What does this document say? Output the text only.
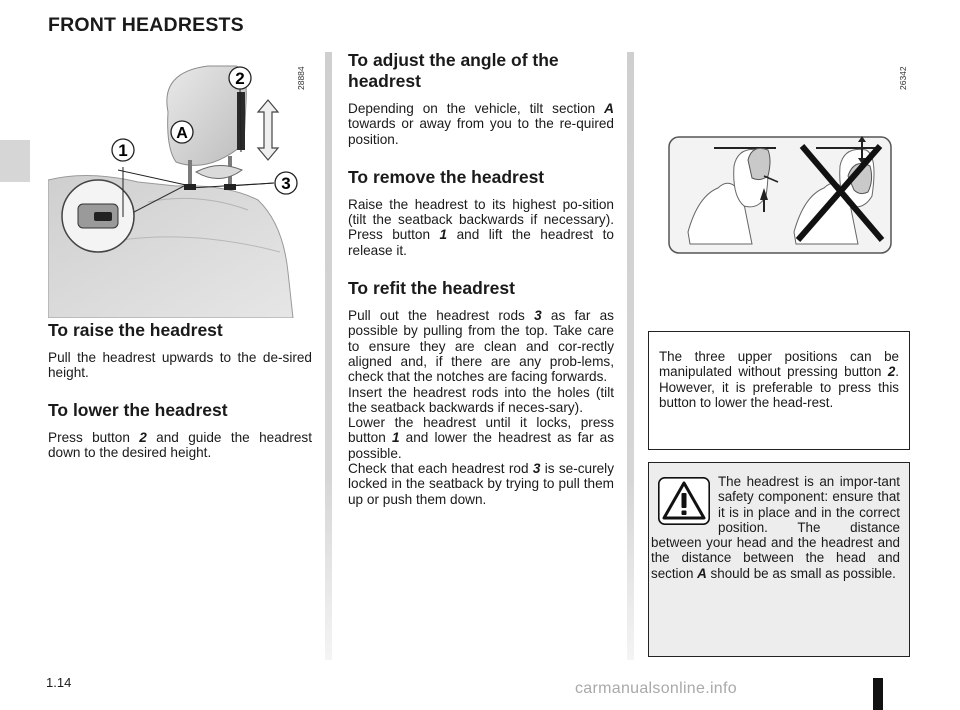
FRONT HEADRESTS
1
A
2
3
28884	26342
To raise the headrest

Pull the headrest upwards to the de-sired height.

To lower the headrest

Press button 2 and guide the headrest down to the desired height.

To adjust the angle of the headrest

Depending on the vehicle, tilt section A towards or away from you to the re-quired position.

To remove the headrest

Raise the headrest to its highest po-sition (tilt the seatback backwards if necessary). Press button 1 and lift the headrest to release it.

To refit the headrest

Pull out the headrest rods 3 as far as possible by pulling from the top. Take care to ensure they are clean and cor-rectly aligned and, if there are any prob-lems, check that the notches are facing forwards.

Insert the headrest rods into the holes (tilt the seatback backwards if neces-sary).

Lower the headrest until it locks, press button 1 and lower the headrest as far as possible.

Check that each headrest rod 3 is se-curely locked in the seatback by trying to pull them up or push them down.

The three upper positions can be manipulated without pressing button 2. However, it is preferable to press this button to lower the head-rest.

The headrest is an impor-tant safety component: ensure that it is in place and in the correct position. The distance between your head and the headrest and the distance between the head and section A should be as small as possible.

1.14	carmanualsonline.info
